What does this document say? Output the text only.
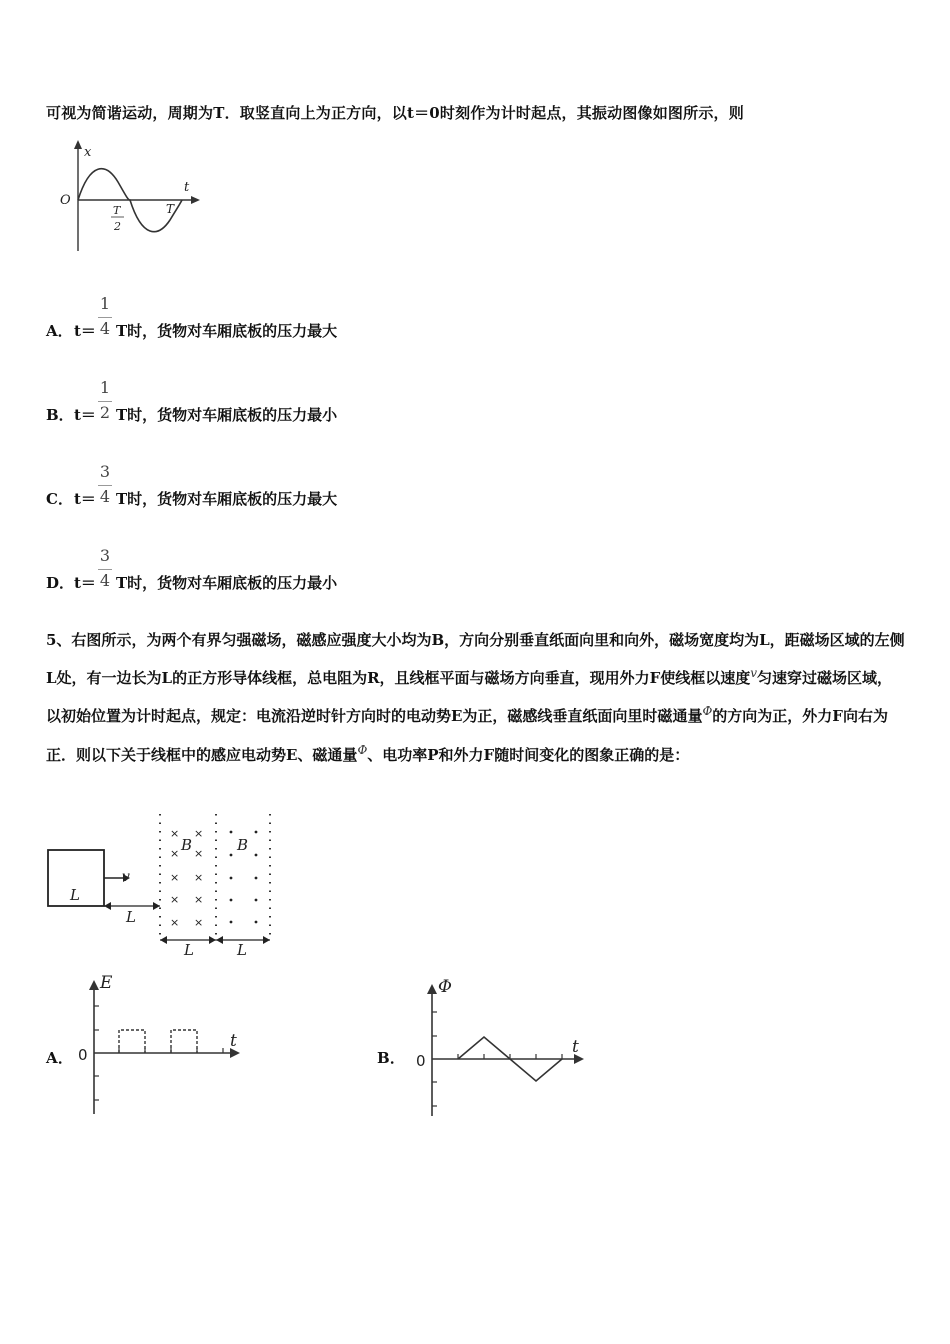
可视为简谐运动，周期为T．取竖直向上为正方向，以t＝0时刻作为计时起点，其振动图像如图所示，则
x
t
O
T
2
T
A． t＝
1
4 T时，货物对车厢底板的压力最大
B． t＝
1
2 T时，货物对车厢底板的压力最小
C． t＝
3
4 T时，货物对车厢底板的压力最大
D． t＝
3
4 T时，货物对车厢底板的压力最小
5、右图所示，为两个有界匀强磁场，磁感应强度大小均为B，方向分别垂直纸面向里和向外，磁场宽度均为L，距磁场区域的左侧L处，有一边长为L的正方形导体线框，总电阻为R，且线框平面与磁场方向垂直，现用外力F使线框以速度$^v$匀速穿过磁场区域，以初始位置为计时起点，规定：电流沿逆时针方向时的电动势E为正，磁感线垂直纸面向里时磁通量$^\Phi$的方向为正，外力F向右为正．则以下关于线框中的感应电动势E、磁通量$^\Phi$、电功率P和外力F随时间变化的图象正确的是：
× ×
× ×
× ×
× ×
× ×
L
v
L
B	B
L	L
A．
E
t
0	B．
Φ
t
0
